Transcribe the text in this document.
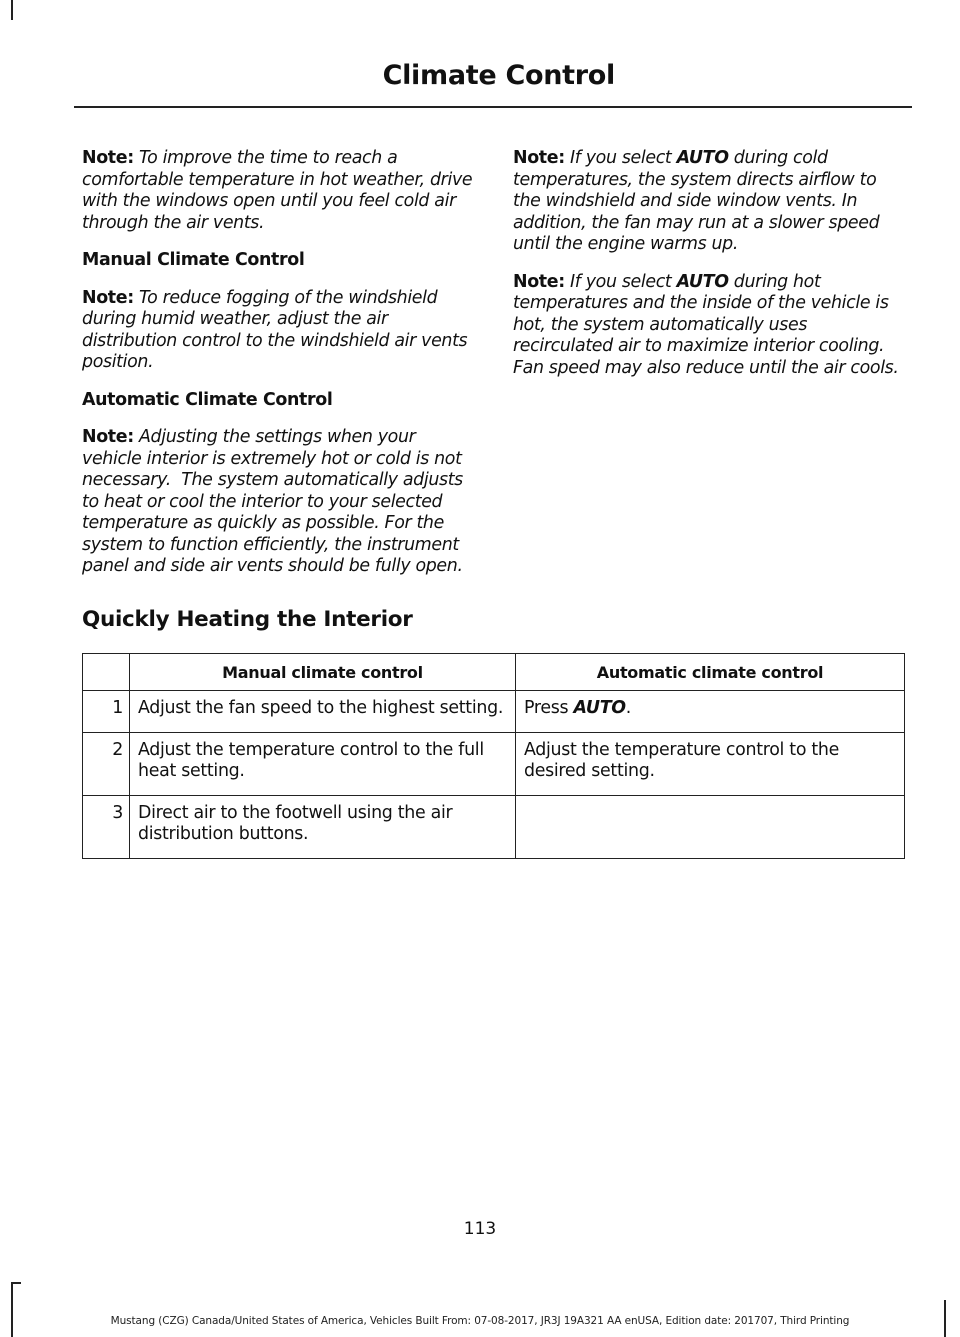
Climate Control

Note: To improve the time to reach a comfortable temperature in hot weather, drive with the windows open until you feel cold air through the air vents.

Manual Climate Control

Note: To reduce fogging of the windshield during humid weather, adjust the air distribution control to the windshield air vents position.

Automatic Climate Control

Note: Adjusting the settings when your vehicle interior is extremely hot or cold is not necessary.  The system automatically adjusts to heat or cool the interior to your selected temperature as quickly as possible. For the system to function efficiently, the instrument panel and side air vents should be fully open.

Note: If you select AUTO during cold temperatures, the system directs airflow to the windshield and side window vents. In addition, the fan may run at a slower speed until the engine warms up.

Note: If you select AUTO during hot temperatures and the inside of the vehicle is hot, the system automatically uses recirculated air to maximize interior cooling. Fan speed may also reduce until the air cools.

Quickly Heating the Interior
	Manual climate control	Automatic climate control
1	Adjust the fan speed to the highest setting.	Press AUTO.
2	Adjust the temperature control to the full heat setting.	Adjust the temperature control to the desired setting.
3	Direct air to the footwell using the air distribution buttons.	
113
Mustang (CZG) Canada/United States of America, Vehicles Built From: 07-08-2017, JR3J 19A321 AA enUSA, Edition date: 201707, Third Printing
